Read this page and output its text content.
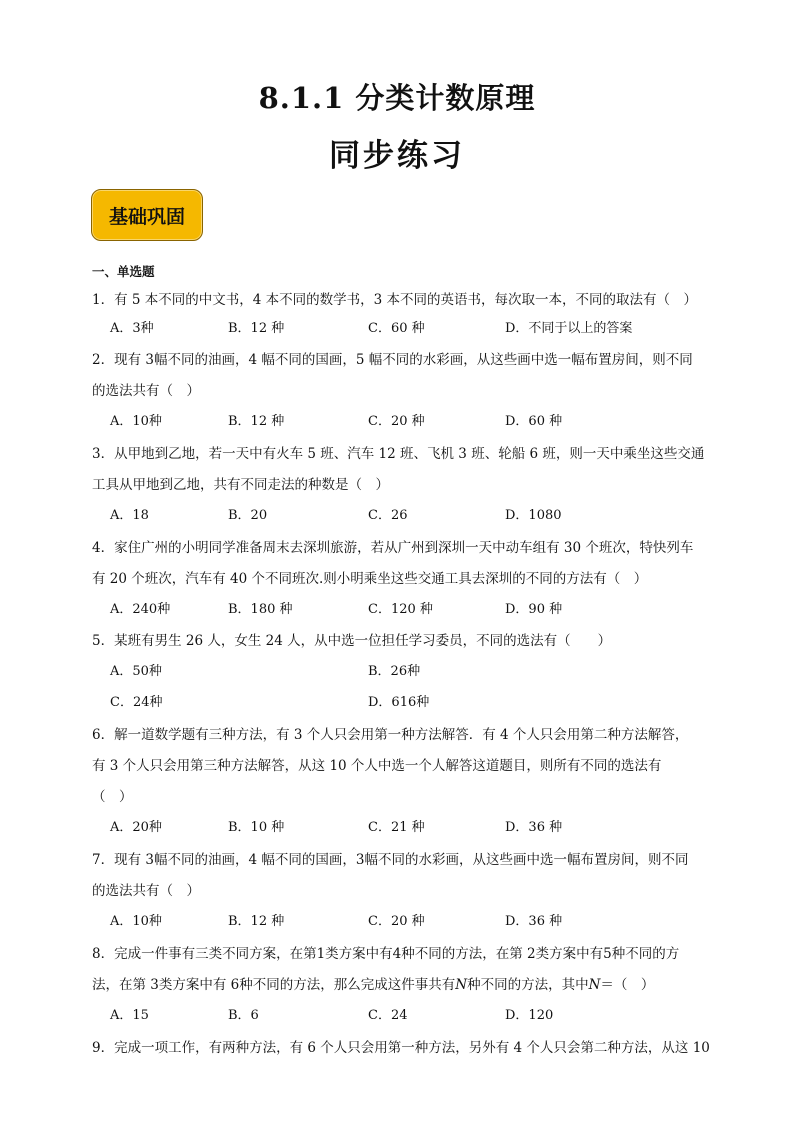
8.1.1 分类计数原理
同步练习
基础巩固
一、单选题
1．有 5 本不同的中文书，4 本不同的数学书，3 本不同的英语书，每次取一本，不同的取法有（　）
A．3种	B．12 种	C．60 种	D．不同于以上的答案
2．现有 3幅不同的油画，4 幅不同的国画，5 幅不同的水彩画，从这些画中选一幅布置房间，则不同
的选法共有（　）
A．10种	B．12 种	C．20 种	D．60 种
3．从甲地到乙地，若一天中有火车 5 班、汽车 12 班、飞机 3 班、轮船 6 班，则一天中乘坐这些交通
工具从甲地到乙地，共有不同走法的种数是（　）
A．18	B．20	C．26	D．1080
4．家住广州的小明同学准备周末去深圳旅游，若从广州到深圳一天中动车组有 30 个班次，特快列车
有 20 个班次，汽车有 40 个不同班次.则小明乘坐这些交通工具去深圳的不同的方法有（　）
A．240种	B．180 种	C．120 种	D．90 种
5．某班有男生 26 人，女生 24 人，从中选一位担任学习委员，不同的选法有（　　）
A．50种	B．26种
C．24种	D．616种
6．解一道数学题有三种方法，有 3 个人只会用第一种方法解答．有 4 个人只会用第二种方法解答，
有 3 个人只会用第三种方法解答，从这 10 个人中选一个人解答这道题目，则所有不同的选法有
（　）
A．20种	B．10 种	C．21 种	D．36 种
7．现有 3幅不同的油画，4 幅不同的国画，3幅不同的水彩画，从这些画中选一幅布置房间，则不同
的选法共有（　）
A．10种	B．12 种	C．20 种	D．36 种
8．完成一件事有三类不同方案，在第1类方案中有4种不同的方法，在第 2类方案中有5种不同的方
法，在第 3类方案中有 6种不同的方法，那么完成这件事共有N种不同的方法，其中N＝（　）
A．15	B．6	C．24	D．120
9．完成一项工作，有两种方法，有 6 个人只会用第一种方法，另外有 4 个人只会第二种方法，从这 10
